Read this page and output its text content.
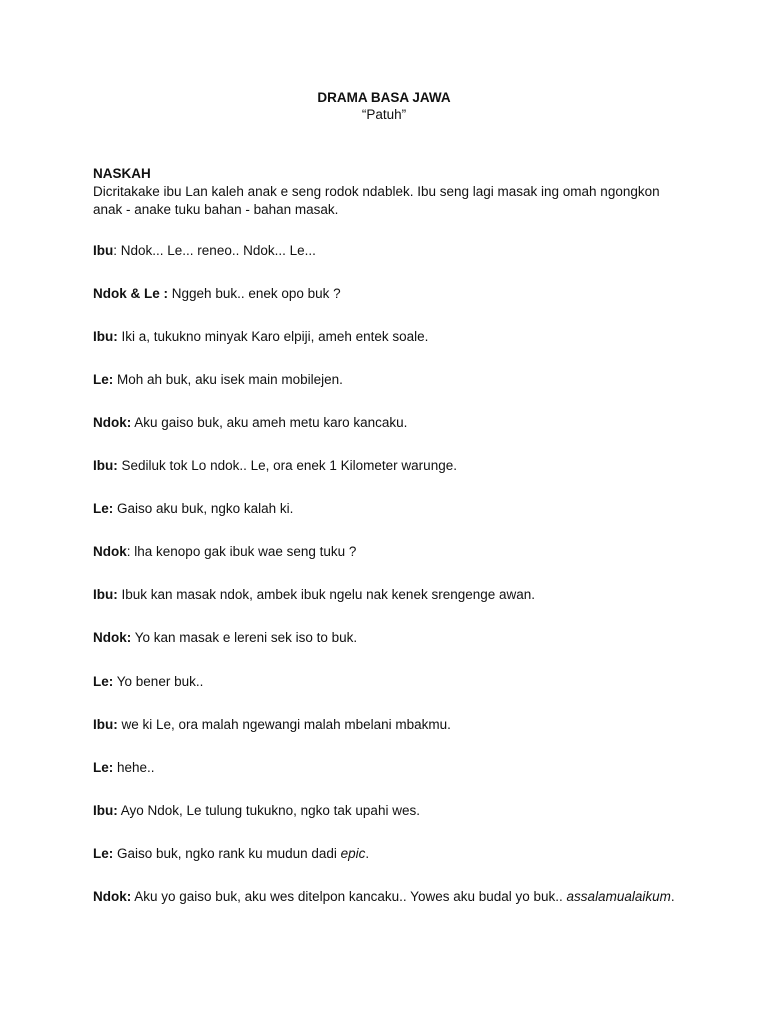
DRAMA BASA JAWA
“Patuh”
NASKAH
Dicritakake ibu Lan kaleh anak e seng rodok ndablek. Ibu seng lagi masak ing omah ngongkon
anak - anake tuku bahan - bahan masak.
Ibu: Ndok... Le... reneo.. Ndok... Le...
Ndok & Le : Nggeh buk.. enek opo buk ?
Ibu: Iki a, tukukno minyak Karo elpiji, ameh entek soale.
Le: Moh ah buk, aku isek main mobilejen.
Ndok: Aku gaiso buk, aku ameh metu karo kancaku.
Ibu: Sediluk tok Lo ndok.. Le, ora enek 1 Kilometer warunge.
Le: Gaiso aku buk, ngko kalah ki.
Ndok: lha kenopo gak ibuk wae seng tuku ?
Ibu: Ibuk kan masak ndok, ambek ibuk ngelu nak kenek srengenge awan.
Ndok: Yo kan masak e lereni sek iso to buk.
Le: Yo bener buk..
Ibu: we ki Le, ora malah ngewangi malah mbelani mbakmu.
Le: hehe..
Ibu: Ayo Ndok, Le tulung tukukno, ngko tak upahi wes.
Le: Gaiso buk, ngko rank ku mudun dadi epic.
Ndok: Aku yo gaiso buk, aku wes ditelpon kancaku.. Yowes aku budal yo buk.. assalamualaikum.
